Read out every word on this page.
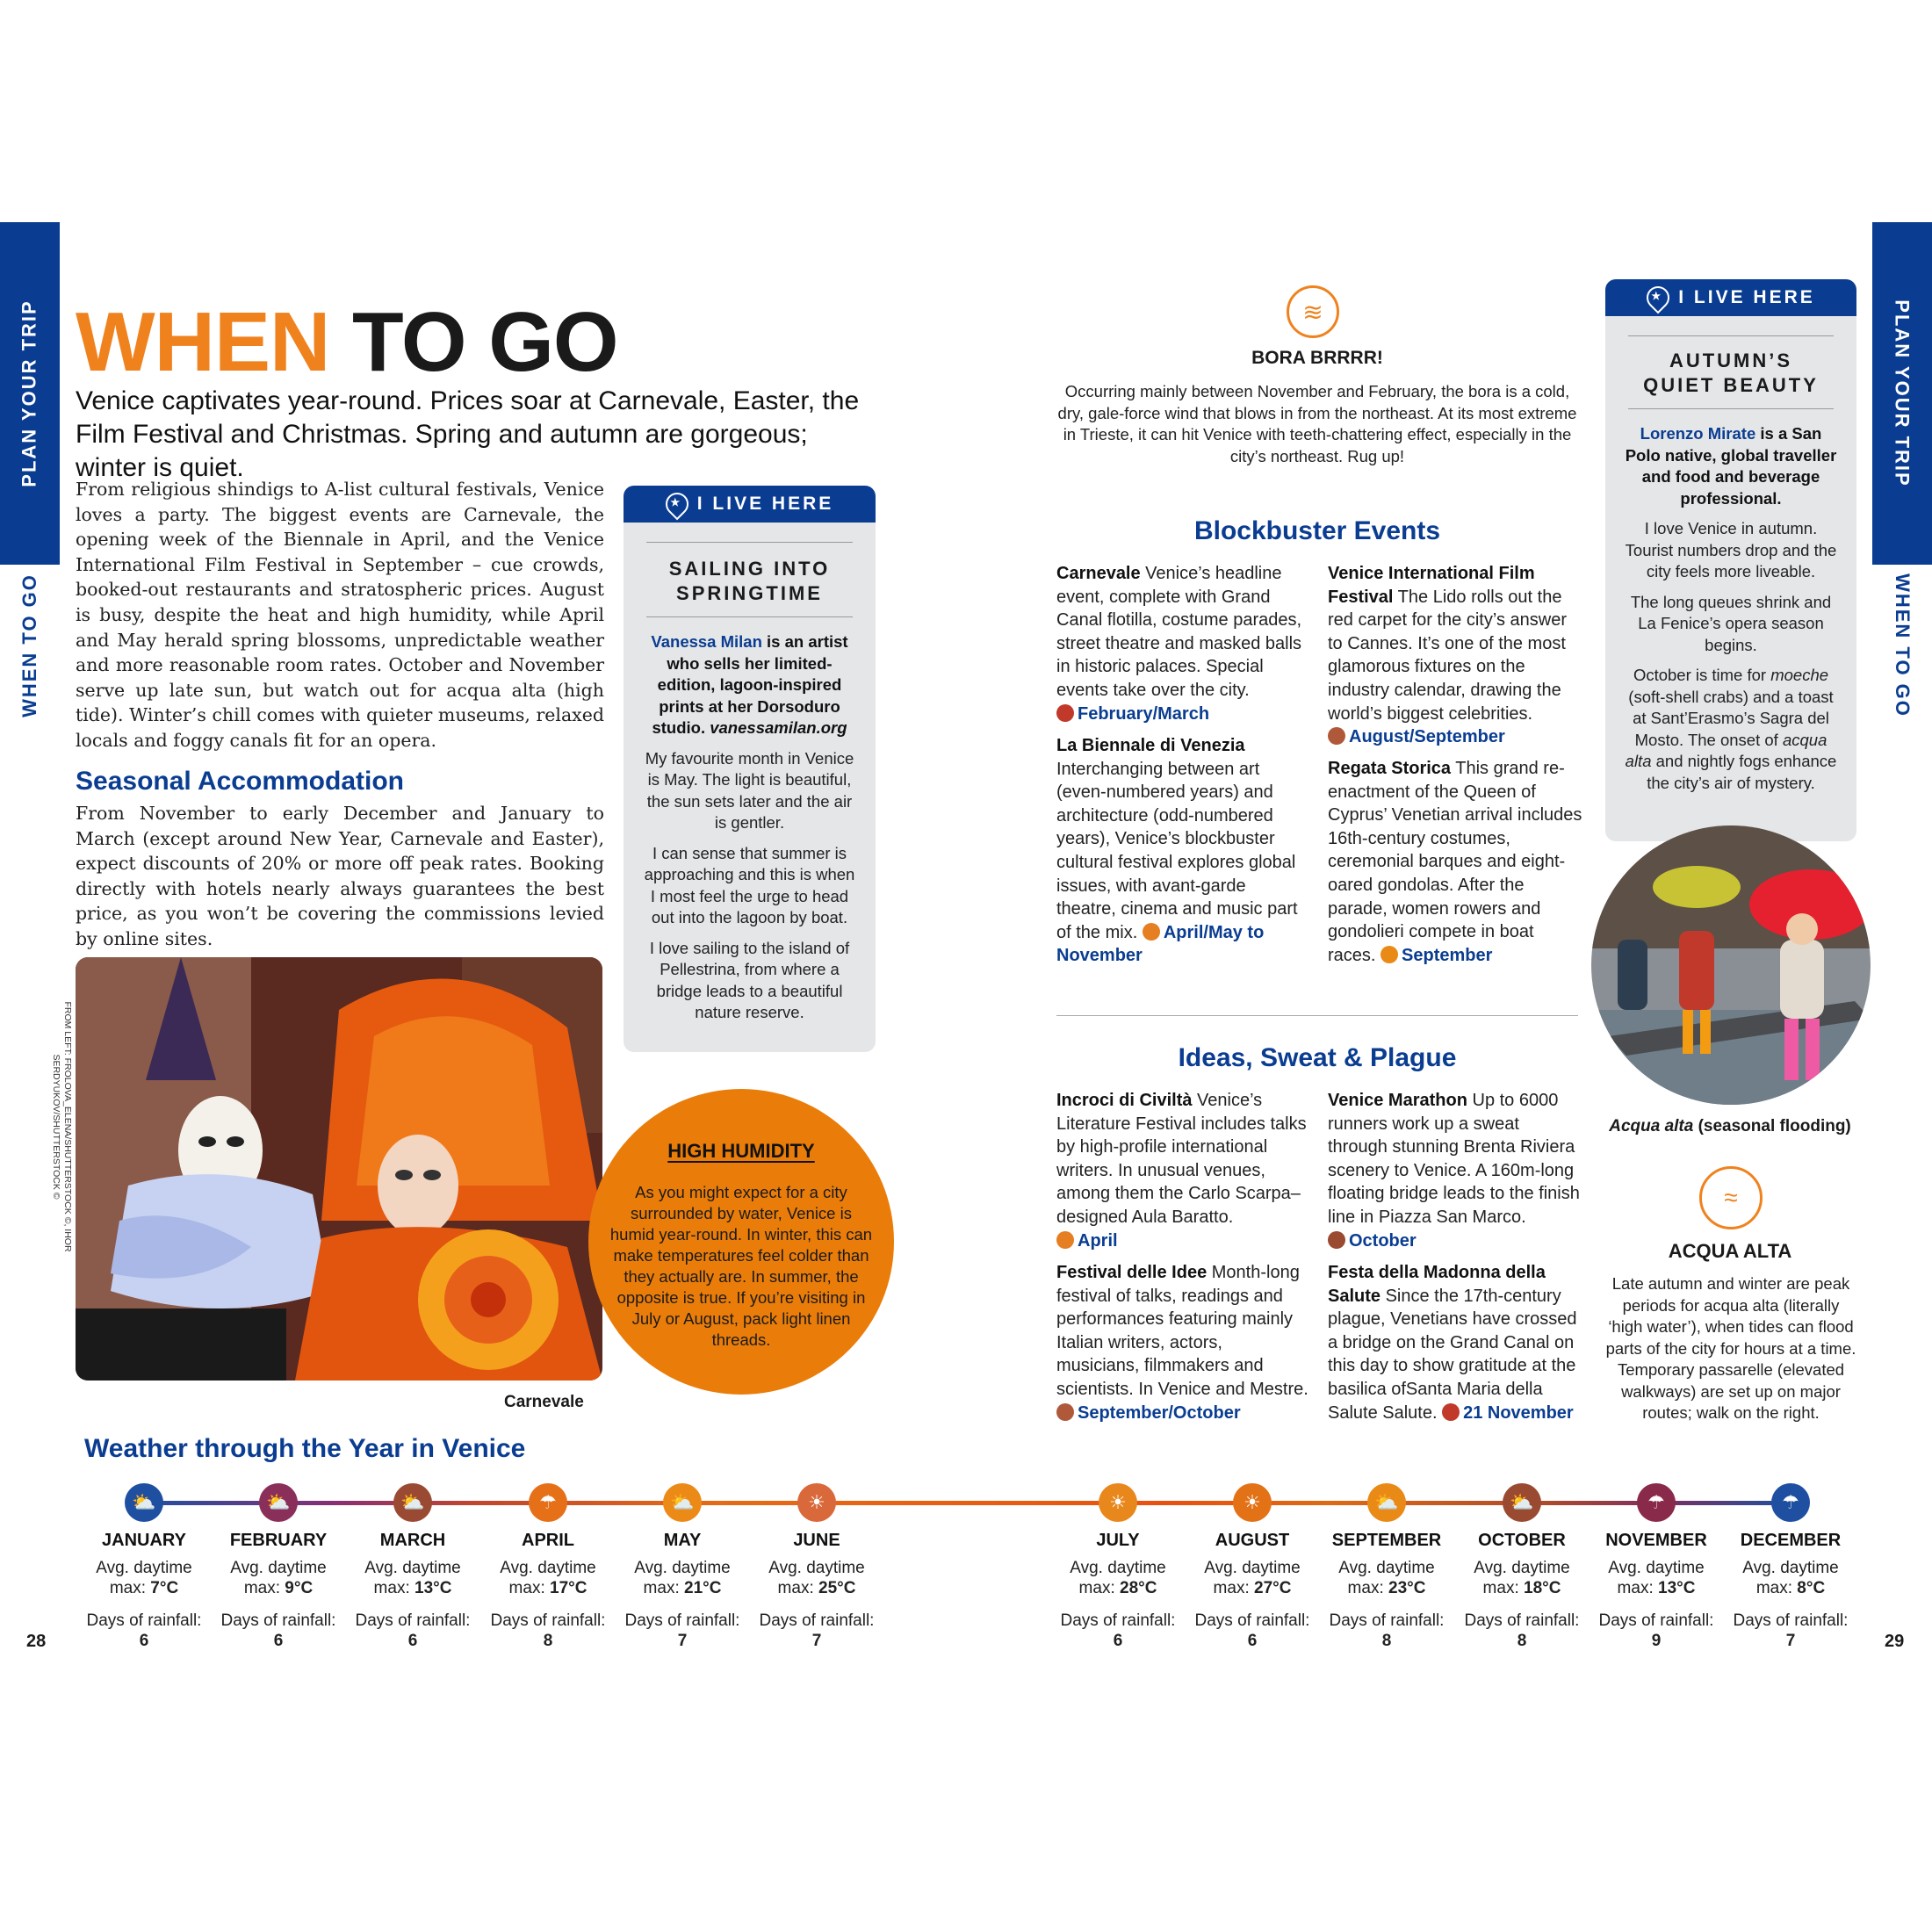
PLAN YOUR TRIP
WHEN TO GO
PLAN YOUR TRIP
WHEN TO GO
WHEN TO GO
Venice captivates year-round. Prices soar at Carnevale, Easter, the Film Festival and Christmas. Spring and autumn are gorgeous; winter is quiet.
From religious shindigs to A-list cultural festivals, Venice loves a party. The biggest events are Carnevale, the opening week of the Biennale in April, and the Venice International Film Festival in September – cue crowds, booked-out restaurants and stratospheric prices. August is busy, despite the heat and high humidity, while April and May herald spring blossoms, unpredictable weather and more reasonable room rates. October and November serve up late sun, but watch out for acqua alta (high tide). Winter’s chill comes with quieter museums, relaxed locals and foggy canals fit for an opera.
Seasonal Accommodation
From November to early December and January to March (except around New Year, Carnevale and Easter), expect discounts of 20% or more off peak rates. Booking directly with hotels nearly always guarantees the best price, as you won’t be covering the commissions levied by online sites.
FROM LEFT: FROLOVA_ELENA/SHUTTERSTOCK ©, IHOR SERDYUKOV/SHUTTERSTOCK ©
Carnevale
★
I LIVE HERE
SAILING INTO
SPRINGTIME
Vanessa Milan is an artist who sells her limited-edition, lagoon-inspired prints at her Dorsoduro studio. vanessamilan.org
My favourite month in Venice is May. The light is beautiful, the sun sets later and the air is gentler.
I can sense that summer is approaching and this is when I most feel the urge to head out into the lagoon by boat.
I love sailing to the island of Pellestrina, from where a bridge leads to a beautiful nature reserve.
HIGH HUMIDITY
As you might expect for a city surrounded by water, Venice is humid year-round. In winter, this can make temperatures feel colder than they actually are. In summer, the opposite is true. If you’re visiting in July or August, pack light linen threads.
≋
BORA BRRRR!
Occurring mainly between November and February, the bora is a cold, dry, gale-force wind that blows in from the northeast. At its most extreme in Trieste, it can hit Venice with teeth-chattering effect, especially in the city’s northeast. Rug up!
Blockbuster Events
Carnevale Venice’s headline event, complete with Grand Canal flotilla, costume parades, street theatre and masked balls in historic palaces. Special events take over the city.
February/March
La Biennale di Venezia Interchanging between art (even-numbered years) and architecture (odd-numbered years), Venice’s blockbuster cultural festival explores global issues, with avant-garde theatre, cinema and music part of the mix. April/May to November
Venice International Film Festival The Lido rolls out the red carpet for the city’s answer to Cannes. It’s one of the most glamorous fixtures on the industry calendar, drawing the world’s biggest celebrities.
August/September
Regata Storica This grand re-enactment of the Queen of Cyprus’ Venetian arrival includes 16th-century costumes, ceremonial barques and eight-oared gondolas. After the parade, women rowers and gondolieri compete in boat races. September
Ideas, Sweat & Plague
Incroci di Civiltà Venice’s Literature Festival includes talks by high-profile international writers. In unusual venues, among them the Carlo Scarpa–designed Aula Baratto.
April
Festival delle Idee Month-long festival of talks, readings and performances featuring mainly Italian writers, actors, musicians, filmmakers and scientists. In Venice and Mestre.
September/October
Venice Marathon Up to 6000 runners work up a sweat through stunning Brenta Riviera scenery to Venice. A 160m-long floating bridge leads to the finish line in Piazza San Marco.
October
Festa della Madonna della Salute Since the 17th-century plague, Venetians have crossed a bridge on the Grand Canal on this day to show gratitude at the basilica ofSanta Maria della Salute Salute. 21 November
★
I LIVE HERE
AUTUMN’S
QUIET BEAUTY
Lorenzo Mirate is a San Polo native, global traveller and food and beverage professional.
I love Venice in autumn. Tourist numbers drop and the city feels more liveable.
The long queues shrink and La Fenice’s opera season begins.
October is time for moeche (soft-shell crabs) and a toast at Sant’Erasmo’s Sagra del Mosto. The onset of acqua alta and nightly fogs enhance the city’s air of mystery.
Acqua alta (seasonal flooding)
≈
ACQUA ALTA
Late autumn and winter are peak periods for acqua alta (literally ‘high water’), when tides can flood parts of the city for hours at a time. Temporary passarelle (elevated walkways) are set up on major routes; walk on the right.
Weather through the Year in Venice
⛅
JANUARY
Avg. daytime
max: 7°C
Days of rainfall:
6
⛅
FEBRUARY
Avg. daytime
max: 9°C
Days of rainfall:
6
⛅
MARCH
Avg. daytime
max: 13°C
Days of rainfall:
6
☂
APRIL
Avg. daytime
max: 17°C
Days of rainfall:
8
⛅
MAY
Avg. daytime
max: 21°C
Days of rainfall:
7
☀
JUNE
Avg. daytime
max: 25°C
Days of rainfall:
7
☀
JULY
Avg. daytime
max: 28°C
Days of rainfall:
6
☀
AUGUST
Avg. daytime
max: 27°C
Days of rainfall:
6
⛅
SEPTEMBER
Avg. daytime
max: 23°C
Days of rainfall:
8
⛅
OCTOBER
Avg. daytime
max: 18°C
Days of rainfall:
8
☂
NOVEMBER
Avg. daytime
max: 13°C
Days of rainfall:
9
☂
DECEMBER
Avg. daytime
max: 8°C
Days of rainfall:
7
28	29
